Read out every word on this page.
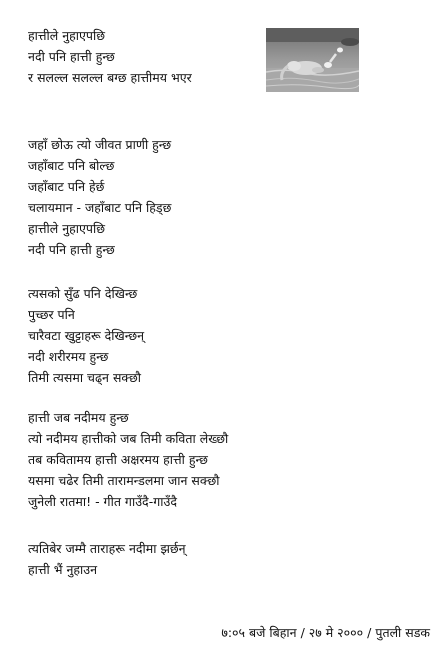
हात्तीले नुहाएपछि
नदी पनि हात्ती हुन्छ
र सलल्ल सलल्ल बग्छ हात्तीमय भएर
जहाँ छोऊ त्यो जीवत प्राणी हुन्छ
जहाँबाट पनि बोल्छ
जहाँबाट पनि हेर्छ
चलायमान - जहाँबाट पनि हिड्छ
हात्तीले नुहाएपछि
नदी पनि हात्ती हुन्छ
त्यसको सुँढ पनि देखिन्छ
पुच्छर पनि
चारैवटा खुट्टाहरू देखिन्छन्
नदी शरीरमय हुन्छ
तिमी त्यसमा चढ्न सक्छौ
हात्ती जब नदीमय हुन्छ
त्यो नदीमय हात्तीको जब तिमी कविता लेख्छौ
तब कवितामय हात्ती अक्षरमय हात्ती हुन्छ
यसमा चढेर तिमी तारामन्डलमा जान सक्छौ
जुनेली रातमा! - गीत गाउँदै-गाउँदै
त्यतिबेर जम्मै ताराहरू नदीमा झर्छन्
हात्ती भैं नुहाउन
७:०५ बजे बिहान / २७ मे २००० / पुतली सडक
